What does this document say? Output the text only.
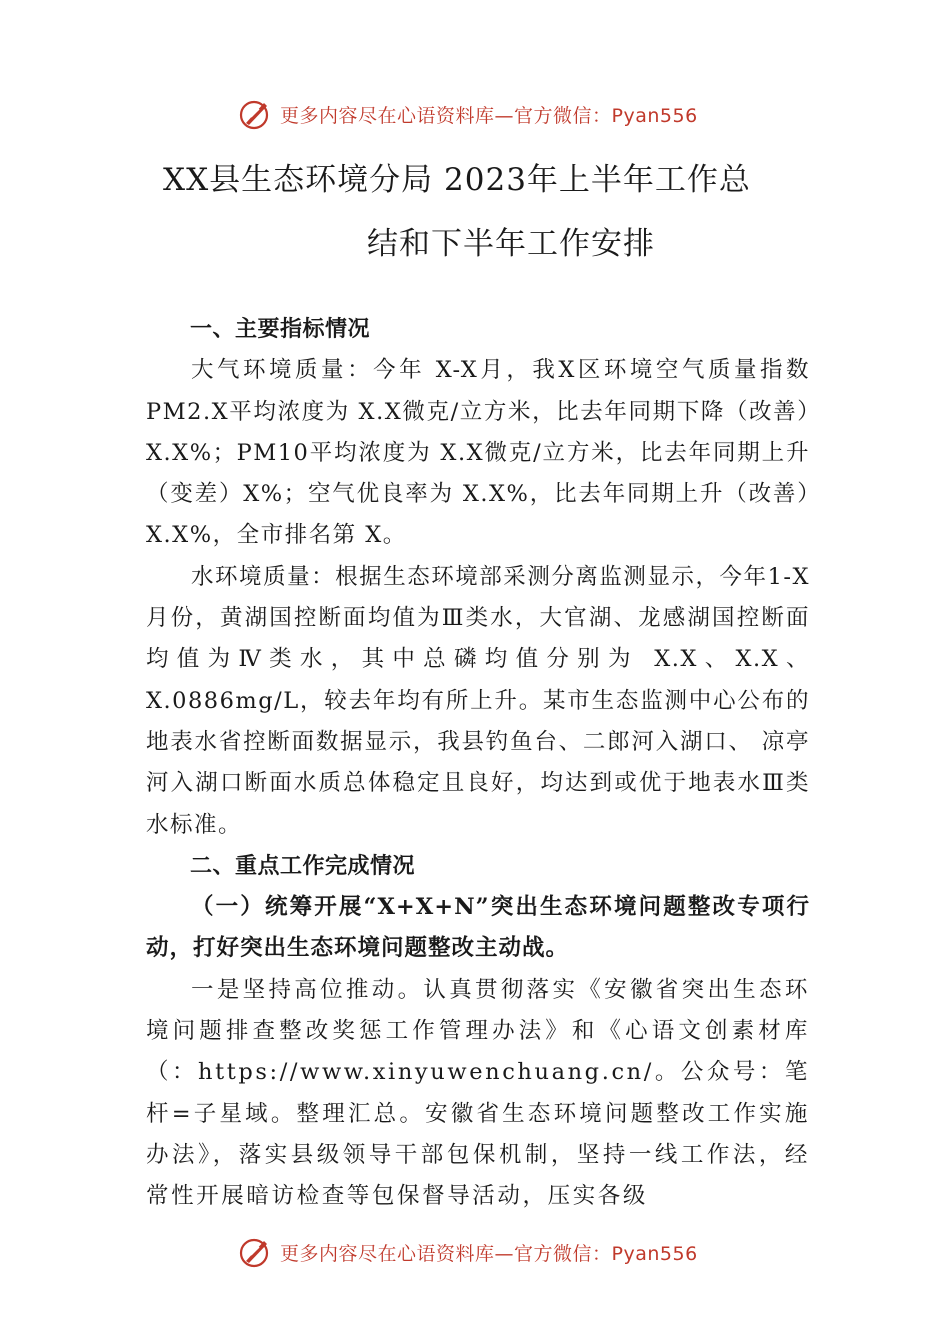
更多内容尽在心语资料库—官方微信：Pyan556
XX县生态环境分局 2023年上半年工作总
结和下半年工作安排

一、主要指标情况

大气环境质量：今年 X-X月，我X区环境空气质量指数 PM2.X平均浓度为 X.X微克/立方米，比去年同期下降（改善）X.X%；PM10平均浓度为 X.X微克/立方米，比去年同期上升（变差）X%；空气优良率为 X.X%，比去年同期上升（改善）X.X%，全市排名第 X。

水环境质量：根据生态环境部采测分离监测显示，今年1-X月份，黄湖国控断面均值为Ⅲ类水，大官湖、龙感湖国控断面均值为Ⅳ类水，其中总磷均值分别为 X.X、X.X、X.0886mg/L，较去年均有所上升。某市生态监测中心公布的地表水省控断面数据显示，我县钓鱼台、二郎河入湖口、 凉亭河入湖口断面水质总体稳定且良好，均达到或优于地表水Ⅲ类水标准。

二、重点工作完成情况

（一）统筹开展“X+X+N”突出生态环境问题整改专项行动，打好突出生态环境问题整改主动战。

一是坚持高位推动。认真贯彻落实《安徽省突出生态环境问题排查整改奖惩工作管理办法》和《心语文创素材库（：https://www.xinyuwenchuang.cn/。公众号：笔杆=子星域。整理汇总。安徽省生态环境问题整改工作实施办法》，落实县级领导干部包保机制，坚持一线工作法，经常性开展暗访检查等包保督导活动，压实各级

更多内容尽在心语资料库—官方微信：Pyan556
